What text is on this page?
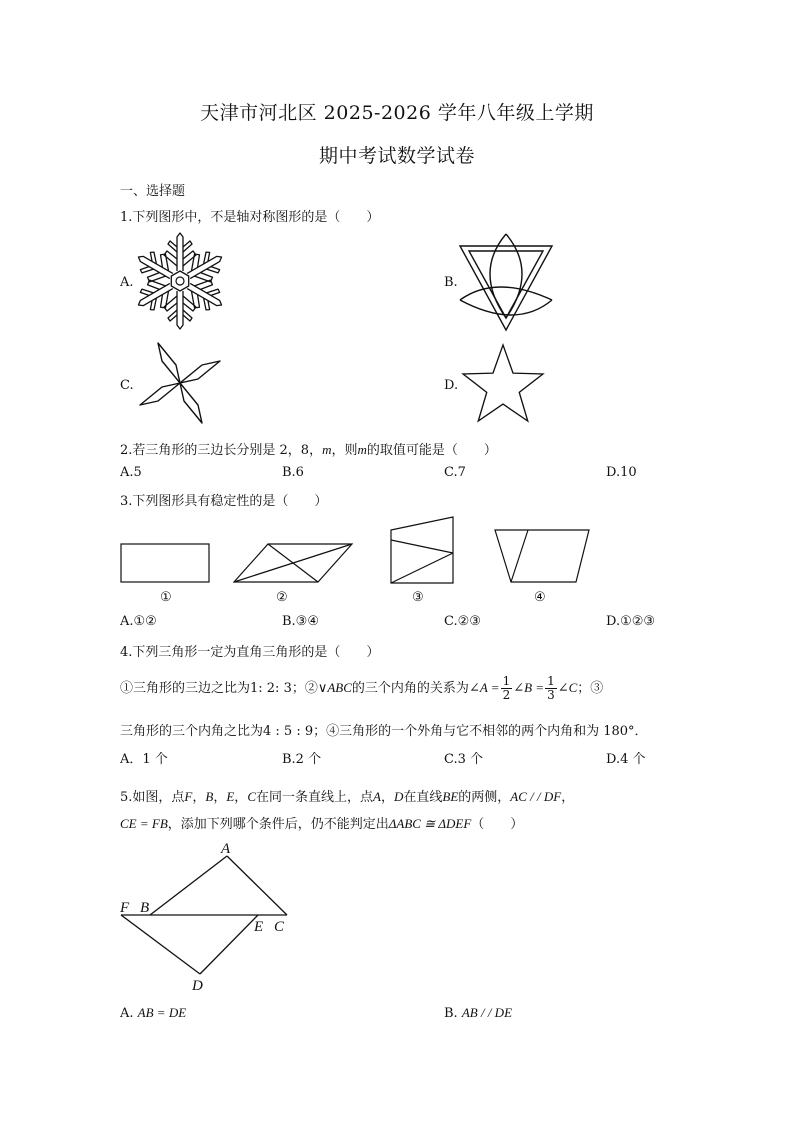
天津市河北区 2025-2026 学年八年级上学期
期中考试数学试卷
一、选择题
1.下列图形中，不是轴对称图形的是（　　）
A.	B.
C.	D.
2.若三角形的三边长分别是 2，8，m，则m的取值可能是（　　）
A.5	B.6	C.7	D.10
3.下列图形具有稳定性的是（　　）
①	②	③	④
A.①②	B.③④	C.②③	D.①②③
4.下列三角形一定为直角三角形的是（　　）
①三角形的三边之比为1: 2: 3；②∨ABC的三个内角的关系为∠A = $\frac{1}{2}$ ∠B = $\frac{1}{3}$ ∠C；③
三角形的三个内角之比为4 : 5 : 9；④三角形的一个外角与它不相邻的两个内角和为 180°．
A．1 个	B.2 个	C.3 个	D.4 个
5.如图，点F，B，E，C在同一条直线上，点A，D在直线BE的两侧，AC / / DF，
CE = FB，添加下列哪个条件后，仍不能判定出ΔABC ≅ ΔDEF（　　）
A
F B
E C
D
A. AB = DE	B. AB / / DE
